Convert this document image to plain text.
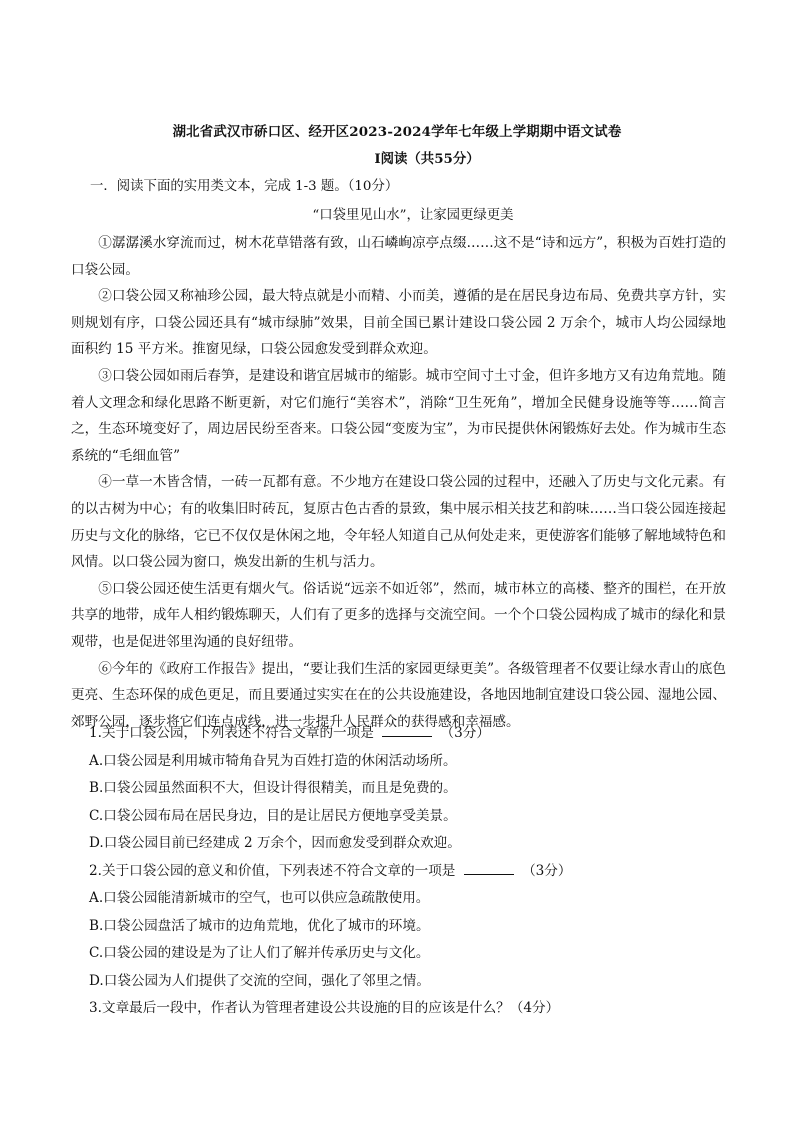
湖北省武汉市硚口区、经开区2023-2024学年七年级上学期期中语文试卷
Ⅰ阅读（共55分）
一．阅读下面的实用类文本，完成 1-3 题。（10分）
“口袋里见山水”，让家园更绿更美

①潺潺溪水穿流而过，树木花草错落有致，山石嶙峋凉亭点缀……这不是“诗和远方”，积极为百姓打造的口袋公园。

②口袋公园又称袖珍公园，最大特点就是小而精、小而美，遵循的是在居民身边布局、免费共享方针，实则规划有序，口袋公园还具有“城市绿肺”效果，目前全国已累计建设口袋公园 2 万余个，城市人均公园绿地面积约 15 平方米。推窗见绿，口袋公园愈发受到群众欢迎。

③口袋公园如雨后春笋，是建设和谐宜居城市的缩影。城市空间寸土寸金，但许多地方又有边角荒地。随着人文理念和绿化思路不断更新，对它们施行“美容术”，消除“卫生死角”，增加全民健身设施等等……简言之，生态环境变好了，周边居民纷至沓来。口袋公园“变废为宝”，为市民提供休闲锻炼好去处。作为城市生态系统的“毛细血管”

④一草一木皆含情，一砖一瓦都有意。不少地方在建设口袋公园的过程中，还融入了历史与文化元素。有的以古树为中心；有的收集旧时砖瓦，复原古色古香的景致，集中展示相关技艺和韵味……当口袋公园连接起历史与文化的脉络，它已不仅仅是休闲之地，令年轻人知道自己从何处走来，更使游客们能够了解地域特色和风情。以口袋公园为窗口，焕发出新的生机与活力。

⑤口袋公园还使生活更有烟火气。俗话说“远亲不如近邻”，然而，城市林立的高楼、整齐的围栏，在开放共享的地带，成年人相约锻炼聊天，人们有了更多的选择与交流空间。一个个口袋公园构成了城市的绿化和景观带，也是促进邻里沟通的良好纽带。

⑥今年的《政府工作报告》提出，“要让我们生活的家园更绿更美”。各级管理者不仅要让绿水青山的底色更亮、生态环保的成色更足，而且要通过实实在在的公共设施建设，各地因地制宜建设口袋公园、湿地公园、郊野公园，逐步将它们连点成线，进一步提升人民群众的获得感和幸福感。

1.关于口袋公园，下列表述不符合文章的一项是	（3分）

A.口袋公园是利用城市犄角旮旯为百姓打造的休闲活动场所。

B.口袋公园虽然面积不大，但设计得很精美，而且是免费的。

C.口袋公园布局在居民身边，目的是让居民方便地享受美景。

D.口袋公园目前已经建成 2 万余个，因而愈发受到群众欢迎。

2.关于口袋公园的意义和价值，下列表述不符合文章的一项是	（3分）

A.口袋公园能清新城市的空气，也可以供应急疏散使用。

B.口袋公园盘活了城市的边角荒地，优化了城市的环境。

C.口袋公园的建设是为了让人们了解并传承历史与文化。

D.口袋公园为人们提供了交流的空间，强化了邻里之情。

3.文章最后一段中，作者认为管理者建设公共设施的目的应该是什么？（4分）
